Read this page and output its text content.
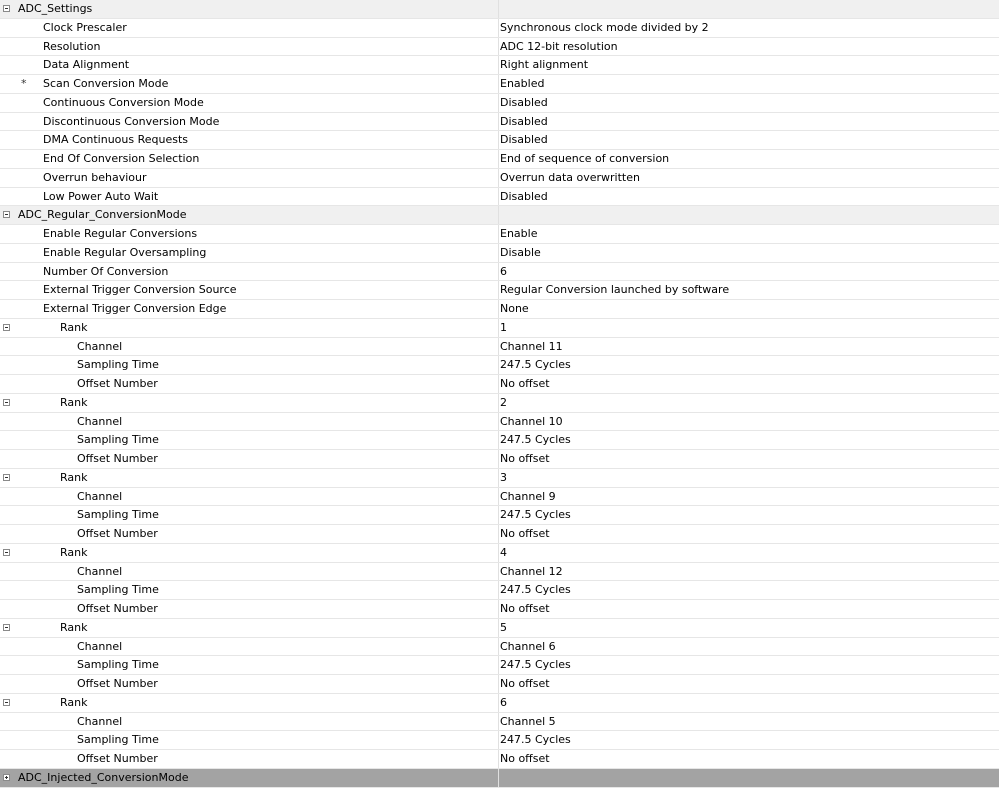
ADC_Settings
Clock Prescaler	Synchronous clock mode divided by 2
Resolution	ADC 12-bit resolution
Data Alignment	Right alignment
* Scan Conversion Mode	Enabled
Continuous Conversion Mode	Disabled
Discontinuous Conversion Mode	Disabled
DMA Continuous Requests	Disabled
End Of Conversion Selection	End of sequence of conversion
Overrun behaviour	Overrun data overwritten
Low Power Auto Wait	Disabled
ADC_Regular_ConversionMode
Enable Regular Conversions	Enable
Enable Regular Oversampling	Disable
Number Of Conversion	6
External Trigger Conversion Source	Regular Conversion launched by software
External Trigger Conversion Edge	None
Rank	1
Channel	Channel 11
Sampling Time	247.5 Cycles
Offset Number	No offset
Rank	2
Channel	Channel 10
Sampling Time	247.5 Cycles
Offset Number	No offset
Rank	3
Channel	Channel 9
Sampling Time	247.5 Cycles
Offset Number	No offset
Rank	4
Channel	Channel 12
Sampling Time	247.5 Cycles
Offset Number	No offset
Rank	5
Channel	Channel 6
Sampling Time	247.5 Cycles
Offset Number	No offset
Rank	6
Channel	Channel 5
Sampling Time	247.5 Cycles
Offset Number	No offset
ADC_Injected_ConversionMode
